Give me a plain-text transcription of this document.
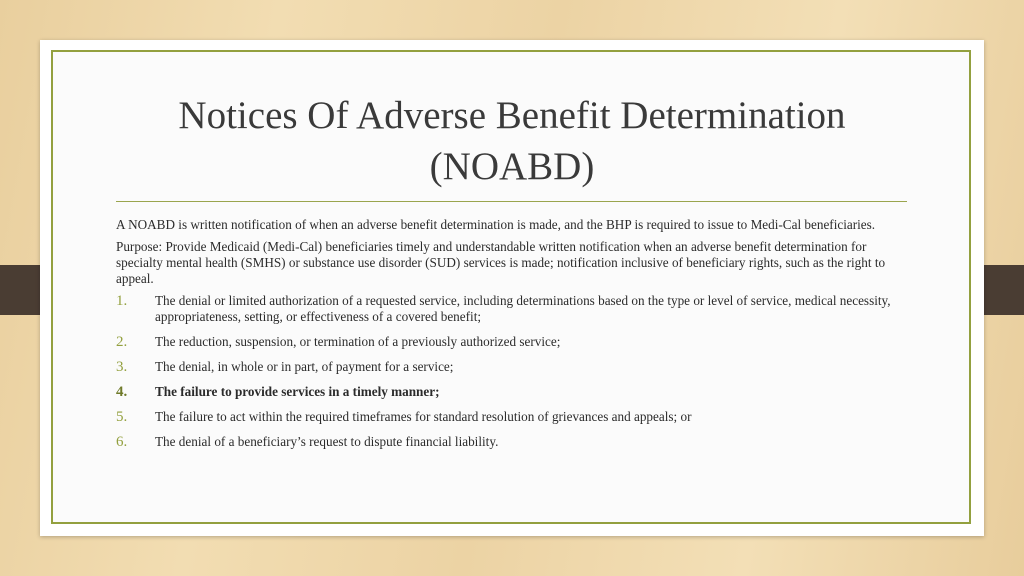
Notices Of Adverse Benefit Determination
(NOABD)

A NOABD is written notification of when an adverse benefit determination is made, and the BHP is required to issue to Medi-Cal beneficiaries.

Purpose: Provide Medicaid (Medi-Cal) beneficiaries timely and understandable written notification when an adverse benefit determination for specialty mental health (SMHS) or substance use disorder (SUD) services is made; notification inclusive of beneficiary rights, such as the right to appeal.

1.	The denial or limited authorization of a requested service, including determinations based on the type or level of service, medical necessity, appropriateness, setting, or effectiveness of a covered benefit;
2.	The reduction, suspension, or termination of a previously authorized service;
3.	The denial, in whole or in part, of payment for a service;
4.	The failure to provide services in a timely manner;
5.	The failure to act within the required timeframes for standard resolution of grievances and appeals; or
6.	The denial of a beneficiary’s request to dispute financial liability.
